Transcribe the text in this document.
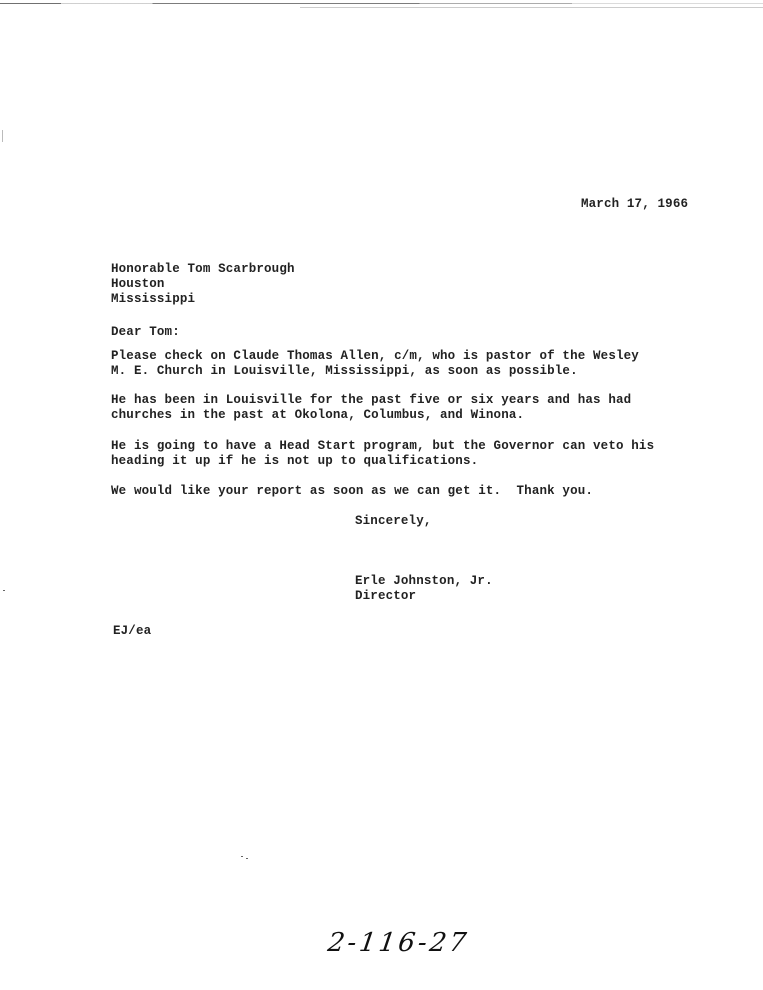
March 17, 1966
Honorable Tom Scarbrough
Houston
Mississippi
Dear Tom:
Please check on Claude Thomas Allen, c/m, who is pastor of the Wesley
M. E. Church in Louisville, Mississippi, as soon as possible.
He has been in Louisville for the past five or six years and has had
churches in the past at Okolona, Columbus, and Winona.
He is going to have a Head Start program, but the Governor can veto his
heading it up if he is not up to qualifications.
We would like your report as soon as we can get it.  Thank you.
Sincerely,
Erle Johnston, Jr.
Director
EJ/ea
2-116-27
